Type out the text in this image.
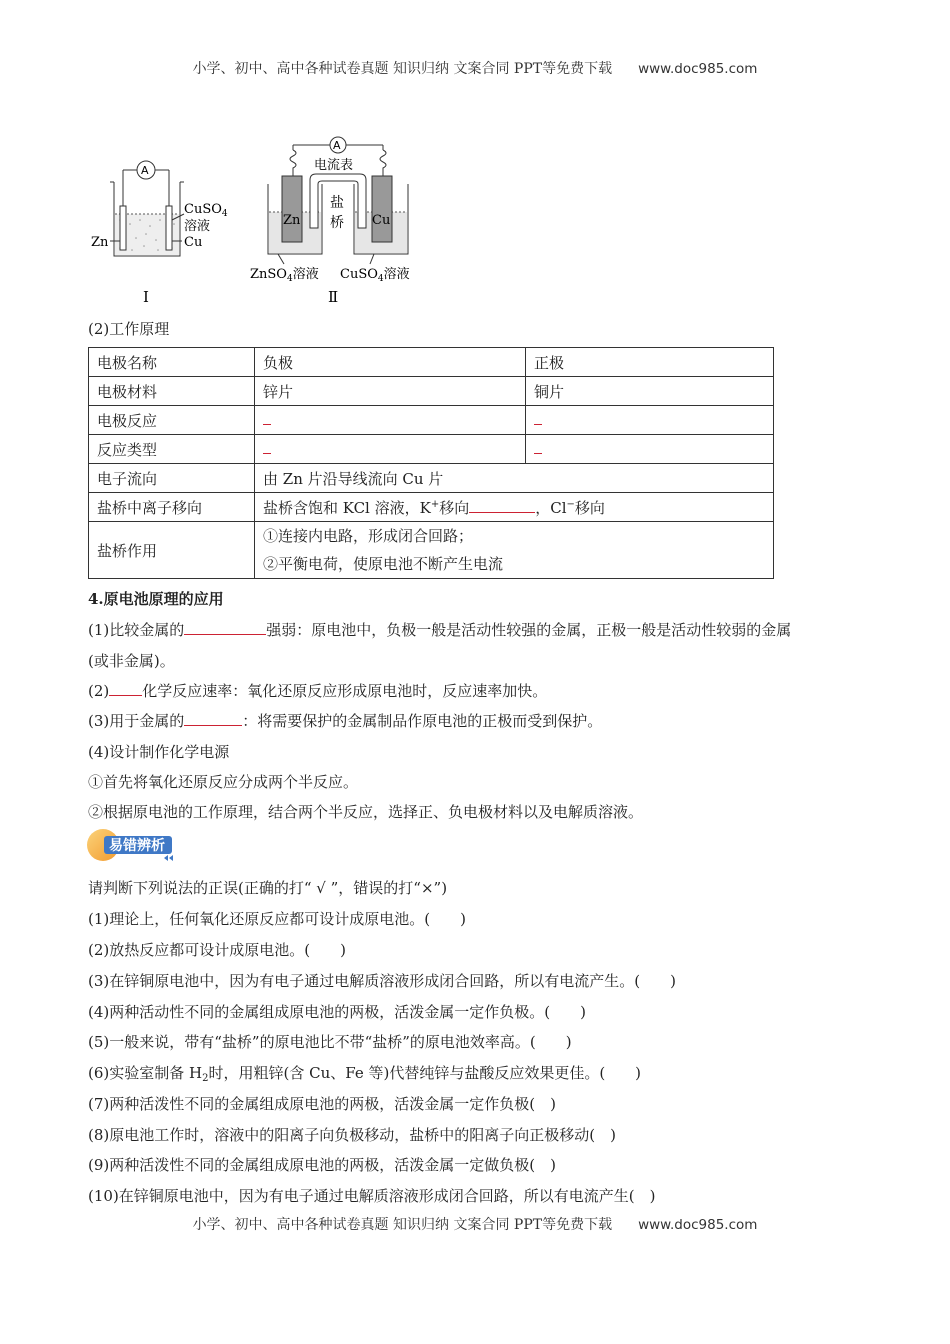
小学、初中、高中各种试卷真题 知识归纳 文案合同 PPT等免费下载 www.doc985.com
A
Zn	Cu
CuSO$_4$
溶液
Ⅰ
A
电流表
Zn	Cu
盐
桥
ZnSO$_4$溶液 CuSO$_4$溶液
Ⅱ
(2)工作原理
电极名称	负极	正极
电极材料	锌片	铜片
电极反应		
反应类型		
电子流向	由 Zn 片沿导线流向 Cu 片	
盐桥中离子移向	盐桥含饱和 KCl 溶液，K+移向 ，Cl−移向	
盐桥作用	①连接内电路，形成闭合回路；
②平衡电荷，使原电池不断产生电流	
4.原电池原理的应用
(1)比较金属的	强弱：原电池中，负极一般是活动性较强的金属，正极一般是活动性较弱的金属
(或非金属)。
(2) 化学反应速率：氧化还原反应形成原电池时，反应速率加快。
(3)用于金属的	：将需要保护的金属制品作原电池的正极而受到保护。
(4)设计制作化学电源
①首先将氧化还原反应分成两个半反应。
②根据原电池的工作原理，结合两个半反应，选择正、负电极材料以及电解质溶液。
易错辨析
请判断下列说法的正误(正确的打“ √ ”，错误的打“×”)
(1)理论上，任何氧化还原反应都可设计成原电池。(　　)
(2)放热反应都可设计成原电池。(　　)
(3)在锌铜原电池中，因为有电子通过电解质溶液形成闭合回路，所以有电流产生。(　　)
(4)两种活动性不同的金属组成原电池的两极，活泼金属一定作负极。(　　)
(5)一般来说，带有“盐桥”的原电池比不带“盐桥”的原电池效率高。(　　)
(6)实验室制备 $H_2$时，用粗锌(含 Cu、Fe 等)代替纯锌与盐酸反应效果更佳。(　　)
(7)两种活泼性不同的金属组成原电池的两极，活泼金属一定作负极(　)
(8)原电池工作时，溶液中的阳离子向负极移动，盐桥中的阳离子向正极移动(　)
(9)两种活泼性不同的金属组成原电池的两极，活泼金属一定做负极(　)
(10)在锌铜原电池中，因为有电子通过电解质溶液形成闭合回路，所以有电流产生(　)
小学、初中、高中各种试卷真题 知识归纳 文案合同 PPT等免费下载 www.doc985.com
